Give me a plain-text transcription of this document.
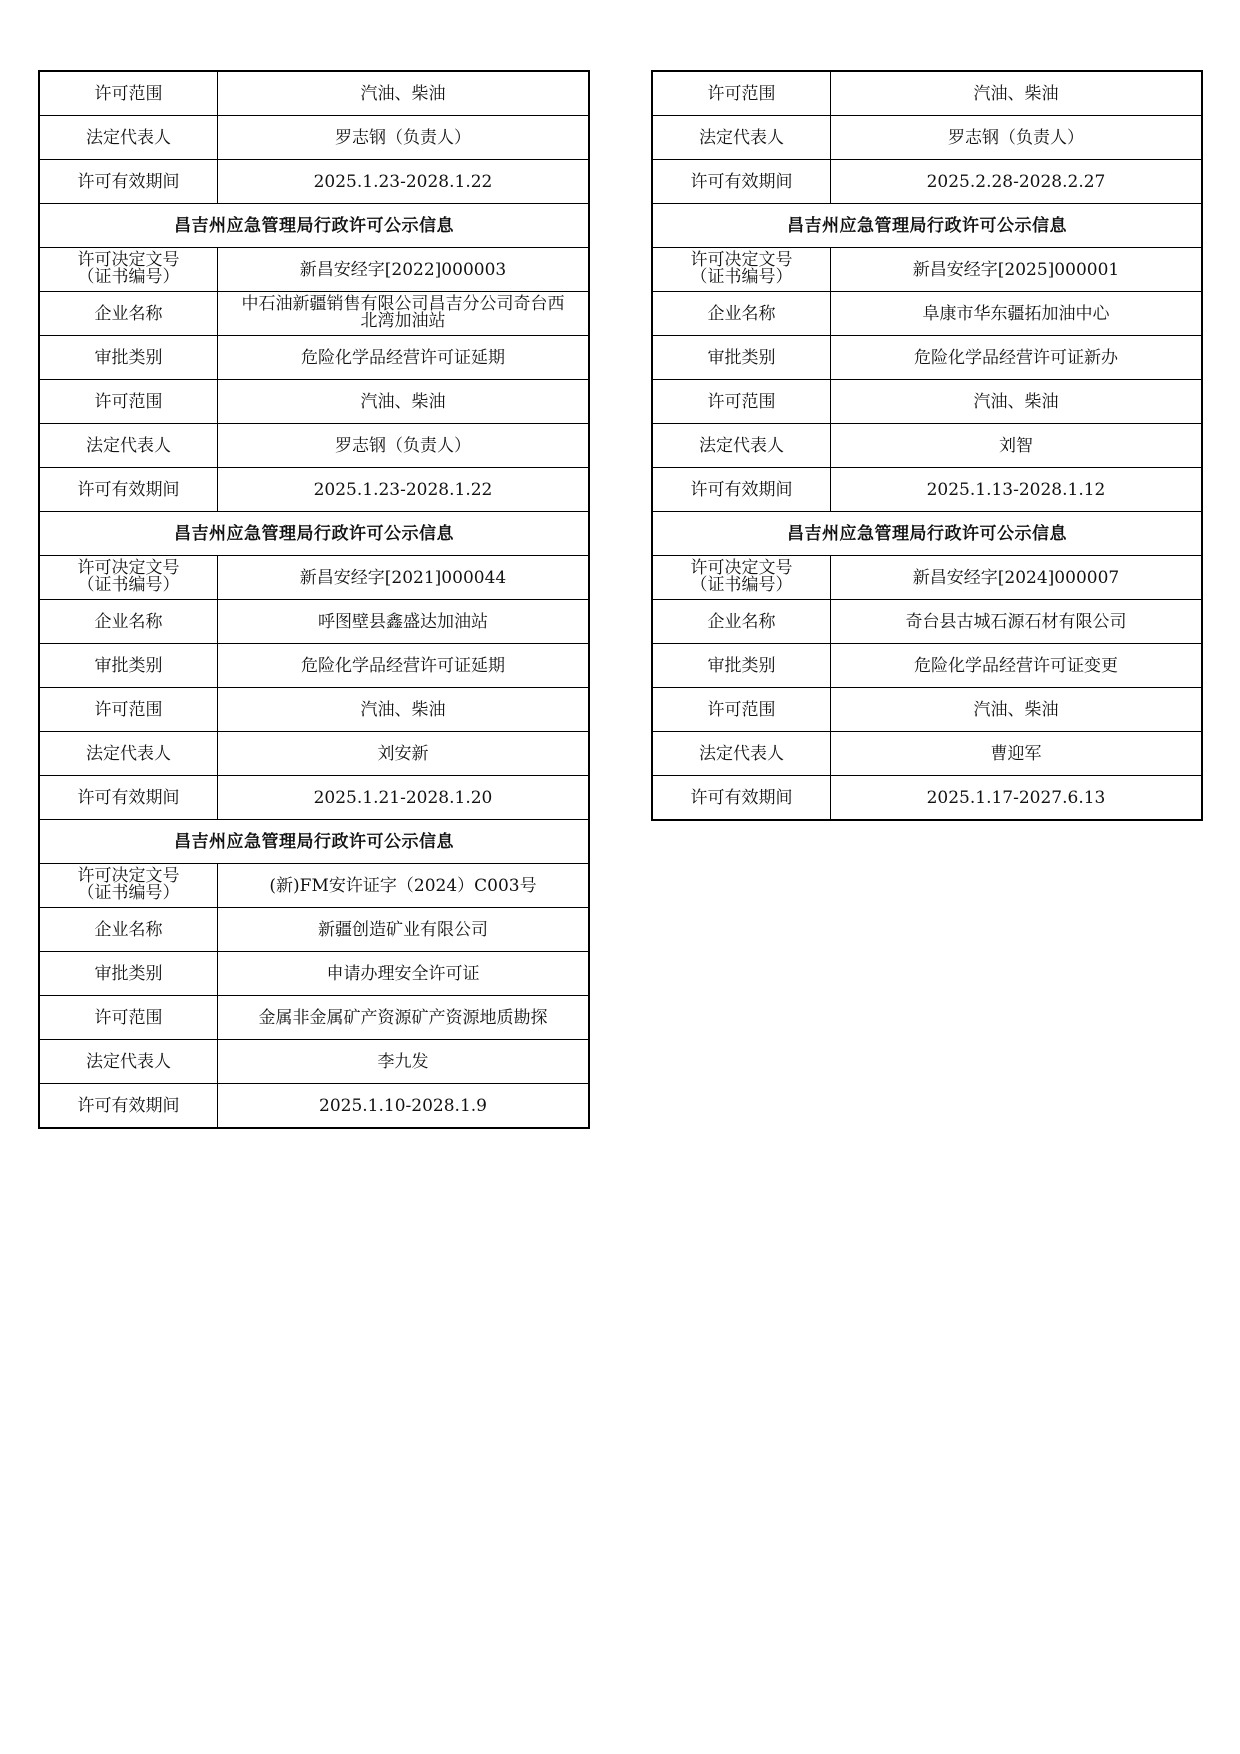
许可范围	汽油、柴油
法定代表人	罗志钢（负责人）
许可有效期间	2025.1.23-2028.1.22
昌吉州应急管理局行政许可公示信息	

许可决定文号
（证书编号）	新昌安经字[2022]000003
企业名称	中石油新疆销售有限公司昌吉分公司奇台西
北湾加油站

审批类别	危险化学品经营许可证延期
许可范围	汽油、柴油
法定代表人	罗志钢（负责人）
许可有效期间	2025.1.23-2028.1.22
昌吉州应急管理局行政许可公示信息	

许可决定文号
（证书编号）	新昌安经字[2021]000044
企业名称	呼图壁县鑫盛达加油站
审批类别	危险化学品经营许可证延期
许可范围	汽油、柴油
法定代表人	刘安新
许可有效期间	2025.1.21-2028.1.20
昌吉州应急管理局行政许可公示信息	

许可决定文号
（证书编号）	(新)FM安许证字（2024）C003号
企业名称	新疆创造矿业有限公司
审批类别	申请办理安全许可证
许可范围	金属非金属矿产资源矿产资源地质勘探
法定代表人	李九发
许可有效期间	2025.1.10-2028.1.9
许可范围	汽油、柴油
法定代表人	罗志钢（负责人）
许可有效期间	2025.2.28-2028.2.27
昌吉州应急管理局行政许可公示信息	

许可决定文号
（证书编号）	新昌安经字[2025]000001
企业名称	阜康市华东疆拓加油中心
审批类别	危险化学品经营许可证新办
许可范围	汽油、柴油
法定代表人	刘智
许可有效期间	2025.1.13-2028.1.12
昌吉州应急管理局行政许可公示信息	

许可决定文号
（证书编号）	新昌安经字[2024]000007
企业名称	奇台县古城石源石材有限公司
审批类别	危险化学品经营许可证变更
许可范围	汽油、柴油
法定代表人	曹迎军
许可有效期间	2025.1.17-2027.6.13
